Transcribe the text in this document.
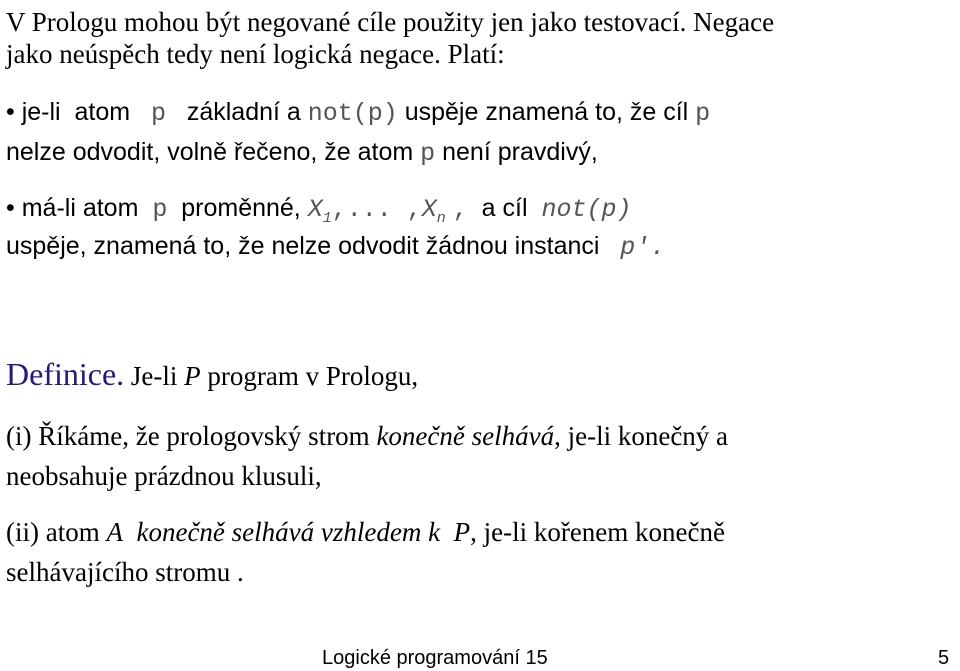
V Prologu mohou být negované cíle použity jen jako testovací. Negace
jako neúspěch tedy není logická negace. Platí:
• je-li atom p základní a not(p) uspěje znamená to, že cíl p
nelze odvodit, volně řečeno, že atom p není pravdivý,
• má-li atom p proměnné, $X_1$,... $,X_n$ , a cíl not(p)
uspěje, znamená to, že nelze odvodit žádnou instanci p'.
Definice. Je-li P program v Prologu,
(i) Říkáme, že prologovský strom konečně selhává, je-li konečný a
neobsahuje prázdnou klusuli,
(ii) atom A konečně selhává vzhledem k P, je-li kořenem konečně
selhávajícího stromu .
Logické programování 15	5
